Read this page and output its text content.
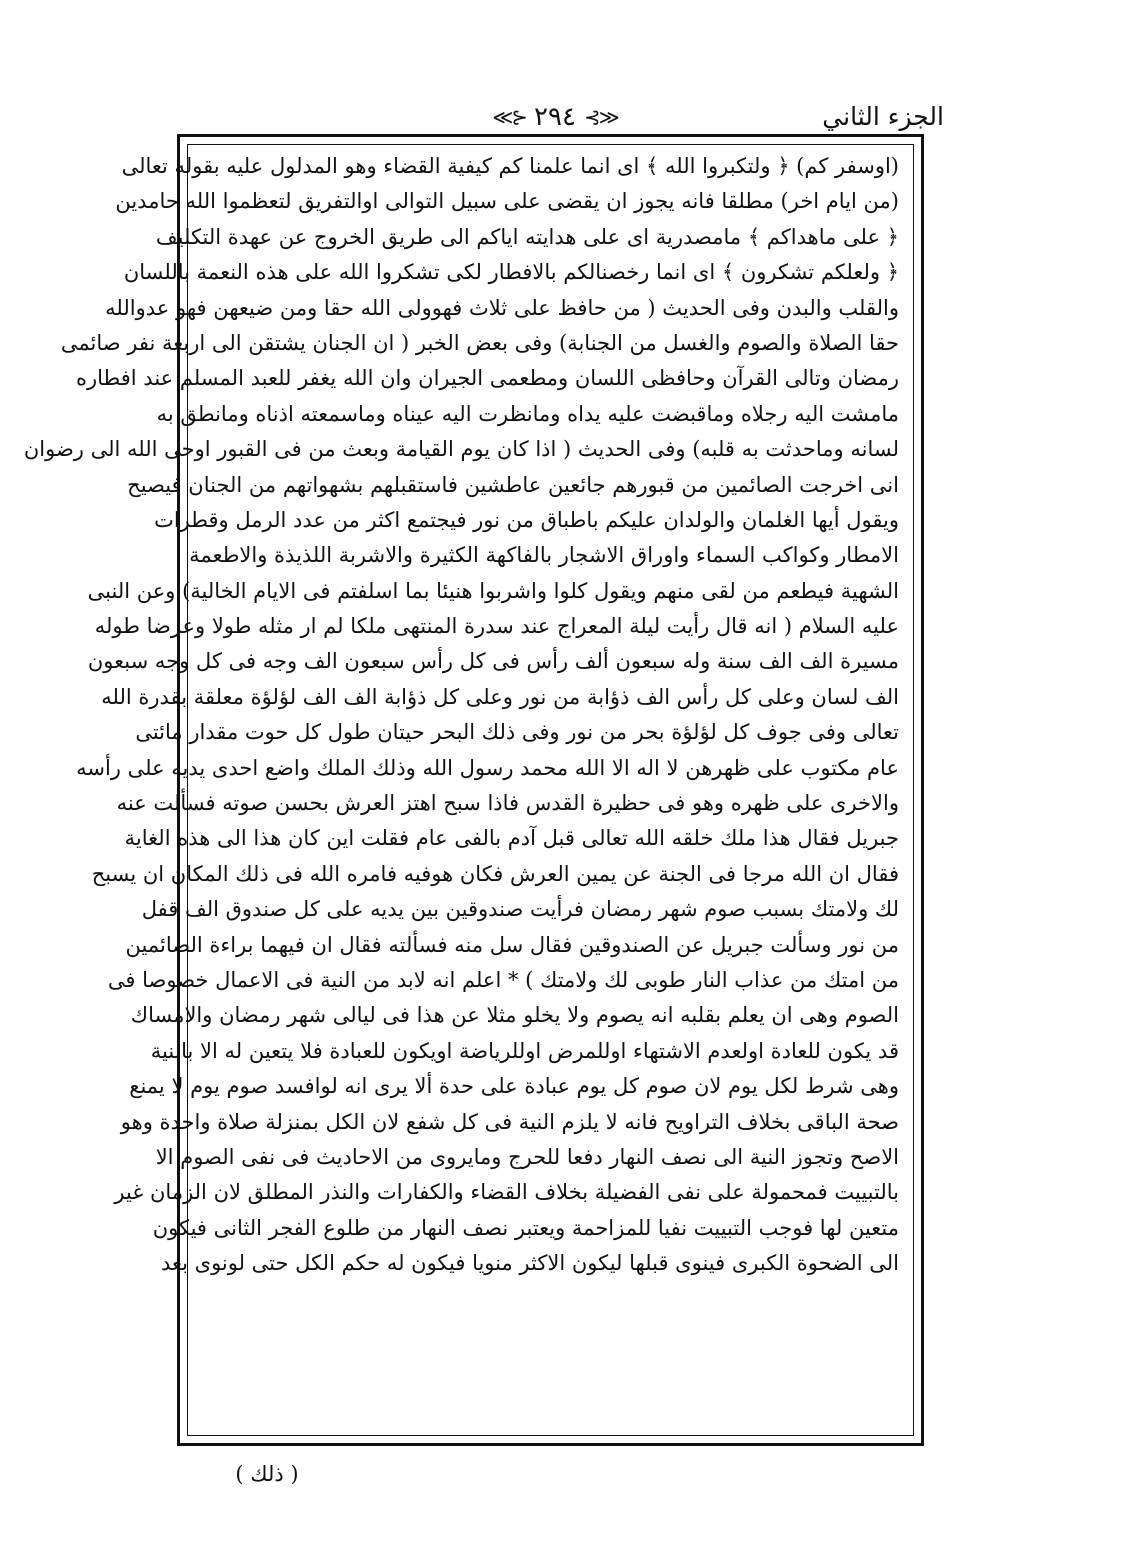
≪⊱
٢٩٤
⊰≫	الجزء الثاني
(اوسفر كم) ﴿ ولتكبروا الله ﴾ اى انما علمنا كم كيفية القضاء وهو المدلول عليه بقوله تعالى
(من ايام اخر) مطلقا فانه يجوز ان يقضى على سبيل التوالى اوالتفريق لتعظموا الله حامدين
﴿ على ماهداكم ﴾ مامصدرية اى على هدايته اياكم الى طريق الخروج عن عهدة التكليف
﴿ ولعلكم تشكرون ﴾ اى انما رخصنالكم بالافطار لكى تشكروا الله على هذه النعمة باللسان
والقلب والبدن وفى الحديث ( من حافظ على ثلاث فهوولى الله حقا ومن ضيعهن فهو عدوالله
حقا الصلاة والصوم والغسل من الجنابة) وفى بعض الخبر ( ان الجنان يشتقن الى اربعة نفر صائمى
رمضان وتالى القرآن وحافظى اللسان ومطعمى الجيران وان الله يغفر للعبد المسلم عند افطاره
مامشت اليه رجلاه وماقبضت عليه يداه ومانظرت اليه عيناه وماسمعته اذناه ومانطق به
لسانه وماحدثت به قلبه) وفى الحديث ( اذا كان يوم القيامة وبعث من فى القبور اوحى الله الى رضوان
انى اخرجت الصائمين من قبورهم جائعين عاطشين فاستقبلهم بشهواتهم من الجنان فيصيح
ويقول أيها الغلمان والولدان عليكم باطباق من نور فيجتمع اكثر من عدد الرمل وقطرات
الامطار وكواكب السماء واوراق الاشجار بالفاكهة الكثيرة والاشربة اللذيذة والاطعمة
الشهية فيطعم من لقى منهم ويقول كلوا واشربوا هنيئا بما اسلفتم فى الايام الخالية) وعن النبى
عليه السلام ( انه قال رأيت ليلة المعراج عند سدرة المنتهى ملكا لم ار مثله طولا وعرضا طوله
مسيرة الف الف سنة وله سبعون ألف رأس فى كل رأس سبعون الف وجه فى كل وجه سبعون
الف لسان وعلى كل رأس الف ذؤابة من نور وعلى كل ذؤابة الف الف لؤلؤة معلقة بقدرة الله
تعالى وفى جوف كل لؤلؤة بحر من نور وفى ذلك البحر حيتان طول كل حوت مقدار مائتى
عام مكتوب على ظهرهن لا اله الا الله محمد رسول الله وذلك الملك واضع احدى يديه على رأسه
والاخرى على ظهره وهو فى حظيرة القدس فاذا سبح اهتز العرش بحسن صوته فسألت عنه
جبريل فقال هذا ملك خلقه الله تعالى قبل آدم بالفى عام فقلت اين كان هذا الى هذه الغاية
فقال ان الله مرجا فى الجنة عن يمين العرش فكان هوفيه فامره الله فى ذلك المكان ان يسبح
لك ولامتك بسبب صوم شهر رمضان فرأيت صندوقين بين يديه على كل صندوق الف قفل
من نور وسألت جبريل عن الصندوقين فقال سل منه فسألته فقال ان فيهما براءة الصائمين
من امتك من عذاب النار طوبى لك ولامتك ) * اعلم انه لابد من النية فى الاعمال خصوصا فى
الصوم وهى ان يعلم بقلبه انه يصوم ولا يخلو مثلا عن هذا فى ليالى شهر رمضان والامساك
قد يكون للعادة اولعدم الاشتهاء اوللمرض اوللرياضة اويكون للعبادة فلا يتعين له الا بالنية
وهى شرط لكل يوم لان صوم كل يوم عبادة على حدة ألا يرى انه لوافسد صوم يوم لا يمنع
صحة الباقى بخلاف التراويح فانه لا يلزم النية فى كل شفع لان الكل بمنزلة صلاة واحدة وهو
الاصح وتجوز النية الى نصف النهار دفعا للحرج ومايروى من الاحاديث فى نفى الصوم الا
بالتبييت فمحمولة على نفى الفضيلة بخلاف القضاء والكفارات والنذر المطلق لان الزمان غير
متعين لها فوجب التبييت نفيا للمزاحمة ويعتبر نصف النهار من طلوع الفجر الثانى فيكون
الى الضحوة الكبرى فينوى قبلها ليكون الاكثر منويا فيكون له حكم الكل حتى لونوى بعد
( ذلك )
